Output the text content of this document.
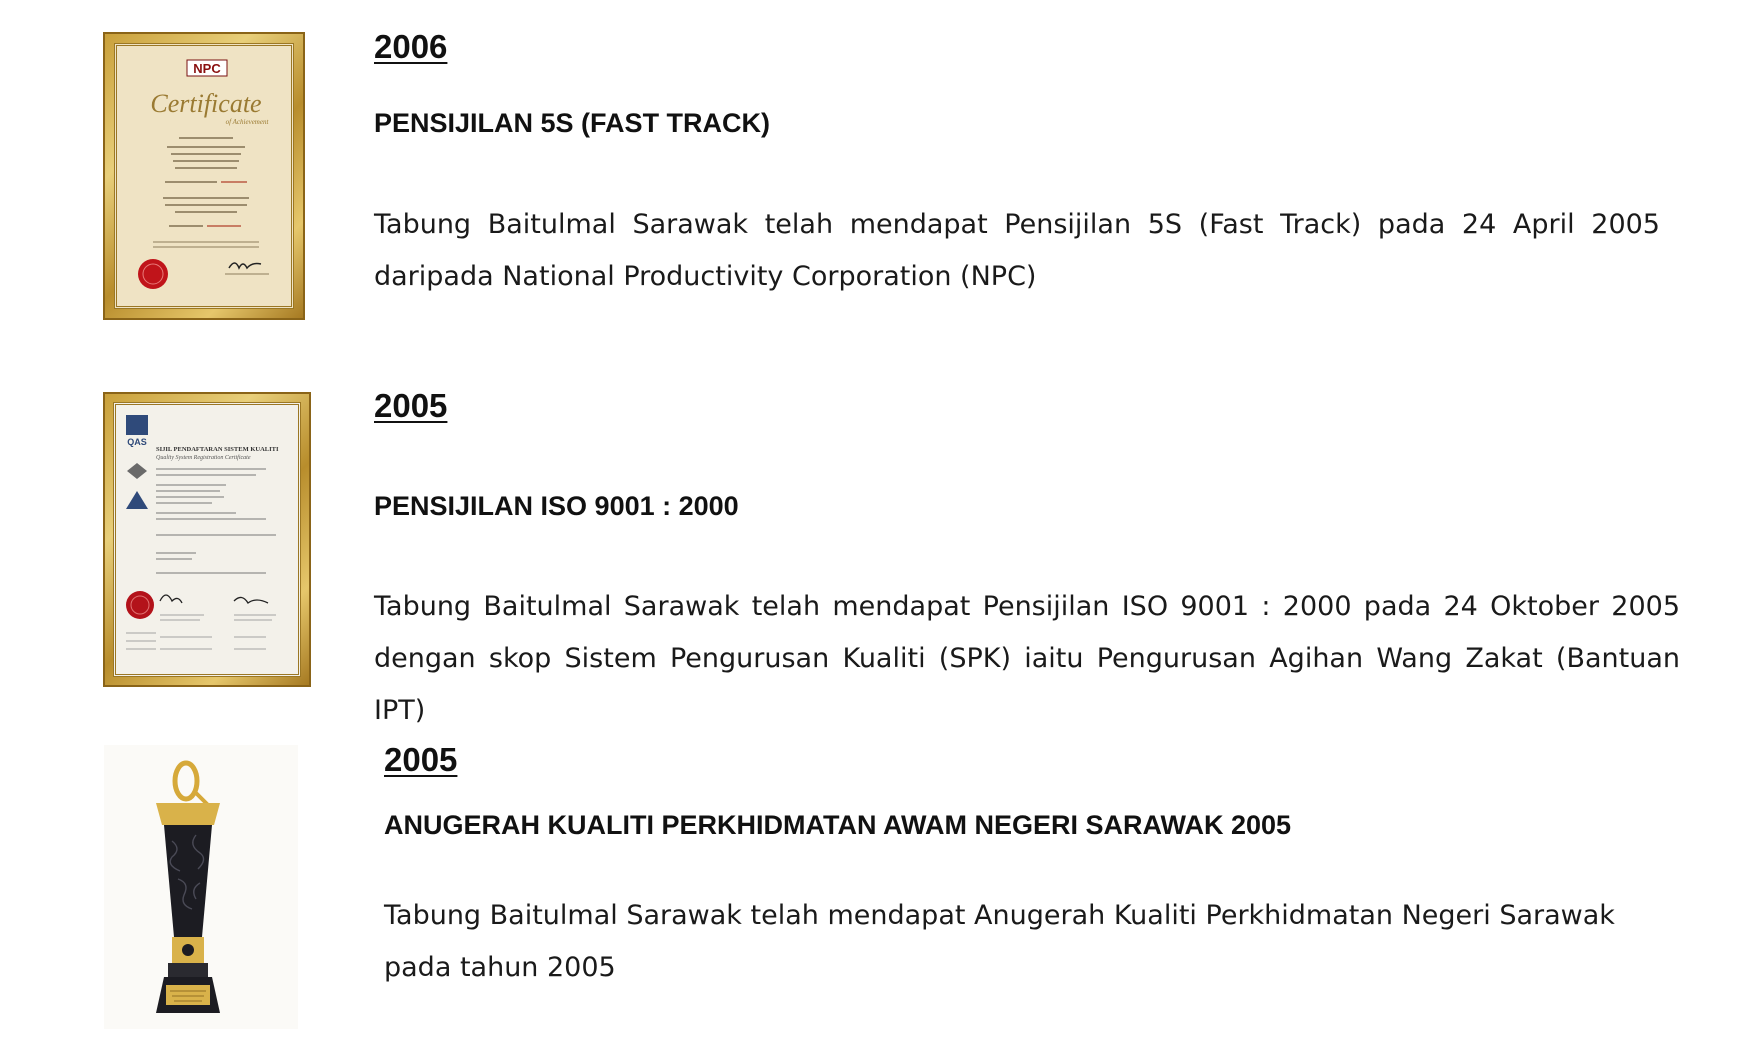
NPC
Certificate
of Achievement
2006
PENSIJILAN 5S (FAST TRACK)

Tabung Baitulmal Sarawak telah mendapat Pensijilan 5S (Fast Track) pada 24 April 2005 daripada National Productivity Corporation (NPC)

QAS
SIJIL PENDAFTARAN SISTEM KUALITI
Quality System Registration Certificate
2005
PENSIJILAN ISO 9001 : 2000

Tabung Baitulmal Sarawak telah mendapat Pensijilan ISO 9001 : 2000 pada 24 Oktober 2005 dengan skop Sistem Pengurusan Kualiti (SPK) iaitu Pengurusan Agihan Wang Zakat (Bantuan IPT)

2005
ANUGERAH KUALITI PERKHIDMATAN AWAM NEGERI SARAWAK 2005

Tabung Baitulmal Sarawak telah mendapat Anugerah Kualiti Perkhidmatan Negeri Sarawak pada tahun 2005
